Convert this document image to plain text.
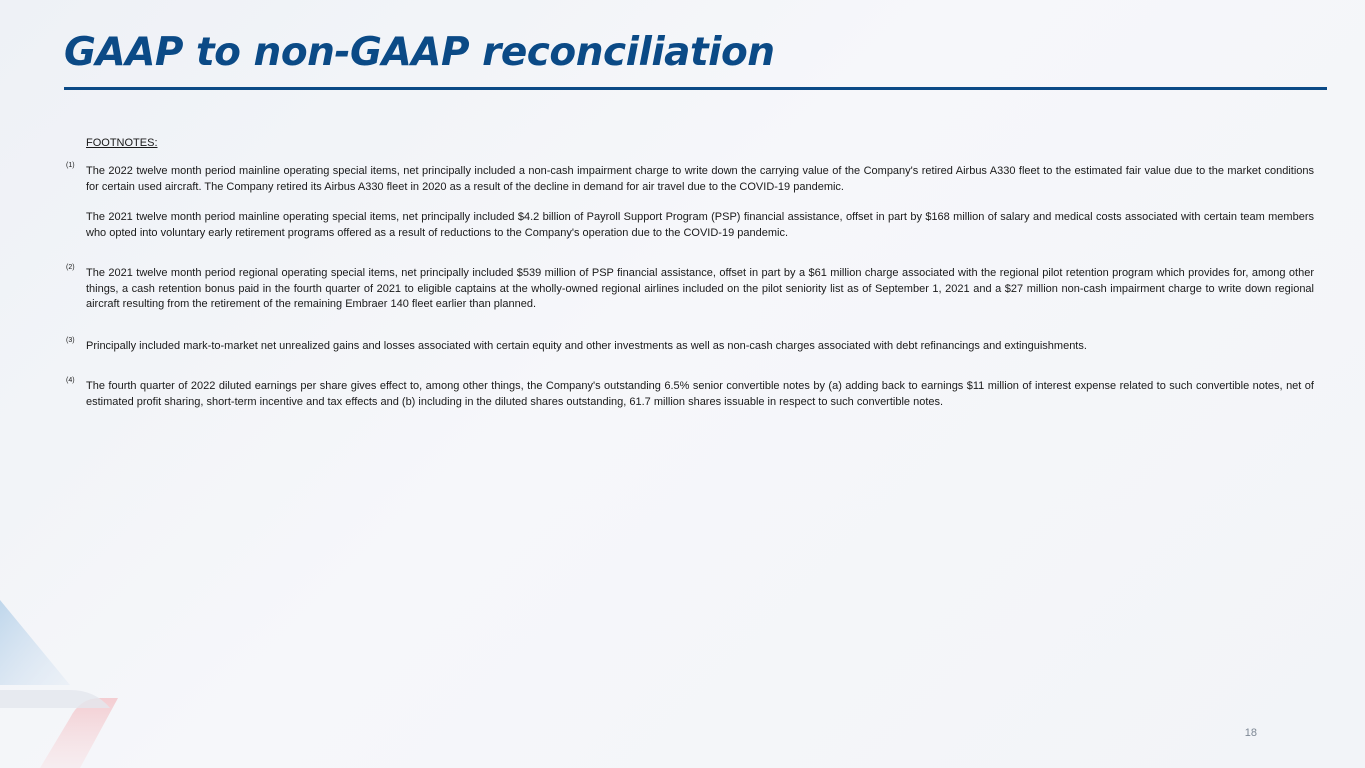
GAAP to non-GAAP reconciliation
FOOTNOTES:
(1) The 2022 twelve month period mainline operating special items, net principally included a non-cash impairment charge to write down the carrying value of the Company's retired Airbus A330 fleet to the estimated fair value due to the market conditions for certain used aircraft. The Company retired its Airbus A330 fleet in 2020 as a result of the decline in demand for air travel due to the COVID-19 pandemic.

The 2021 twelve month period mainline operating special items, net principally included $4.2 billion of Payroll Support Program (PSP) financial assistance, offset in part by $168 million of salary and medical costs associated with certain team members who opted into voluntary early retirement programs offered as a result of reductions to the Company's operation due to the COVID-19 pandemic.

(2) The 2021 twelve month period regional operating special items, net principally included $539 million of PSP financial assistance, offset in part by a $61 million charge associated with the regional pilot retention program which provides for, among other things, a cash retention bonus paid in the fourth quarter of 2021 to eligible captains at the wholly-owned regional airlines included on the pilot seniority list as of September 1, 2021 and a $27 million non-cash impairment charge to write down regional aircraft resulting from the retirement of the remaining Embraer 140 fleet earlier than planned.

(3) Principally included mark-to-market net unrealized gains and losses associated with certain equity and other investments as well as non-cash charges associated with debt refinancings and extinguishments.

(4) The fourth quarter of 2022 diluted earnings per share gives effect to, among other things, the Company's outstanding 6.5% senior convertible notes by (a) adding back to earnings $11 million of interest expense related to such convertible notes, net of estimated profit sharing, short-term incentive and tax effects and (b) including in the diluted shares outstanding, 61.7 million shares issuable in respect to such convertible notes.

18
